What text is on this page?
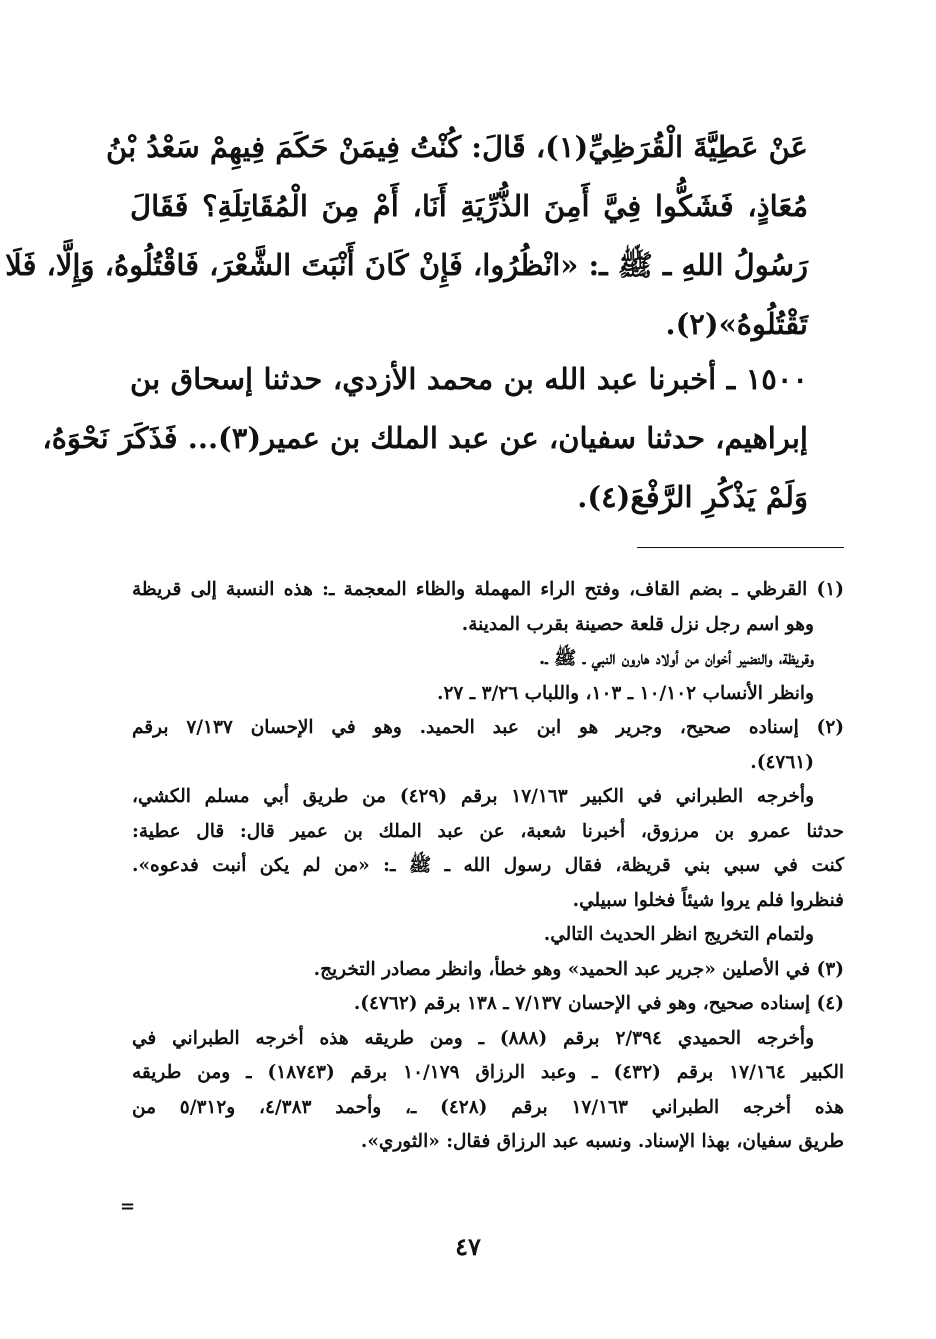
عَنْ عَطِيَّةَ الْقُرَظِيِّ(١)، قَالَ: كُنْتُ فِيمَنْ حَكَمَ فِيهِمْ سَعْدُ بْنُ
مُعَاذٍ، فَشَكُّوا فِيَّ أَمِنَ الذُّرِّيَةِ أَنَا، أَمْ مِنَ الْمُقَاتِلَةِ؟ فَقَالَ
رَسُولُ اللهِ ـ ﷺ ـ: «انْظُرُوا، فَإِنْ كَانَ أَنْبَتَ الشَّعْرَ، فَاقْتُلُوهُ، وَإِلَّا، فَلَا
تَقْتُلُوهُ»(٢).
١٥٠٠ ـ أخبرنا عبد الله بن محمد الأزدي، حدثنا إسحاق بن
إبراهيم، حدثنا سفيان، عن عبد الملك بن عمير(٣)... فَذَكَرَ نَحْوَهُ،
وَلَمْ يَذْكُرِ الرَّفْعَ(٤).
(١) القرظي ـ بضم القاف، وفتح الراء المهملة والظاء المعجمة ـ: هذه النسبة إلى قريظة
وهو اسم رجل نزل قلعة حصينة بقرب المدينة.
وقريظة، والنضير أخوان من أولاد هارون النبي ـ ﷺ ـ.
وانظر الأنساب ١٠/١٠٢ ـ ١٠٣، واللباب ٣/٢٦ ـ ٢٧.
(٢) إسناده صحيح، وجرير هو ابن عبد الحميد. وهو في الإحسان ٧/١٣٧ برقم
(٤٧٦١).
وأخرجه الطبراني في الكبير ١٧/١٦٣ برقم (٤٢٩) من طريق أبي مسلم الكشي،
حدثنا عمرو بن مرزوق، أخبرنا شعبة، عن عبد الملك بن عمير قال: قال عطية:
كنت في سبي بني قريظة، فقال رسول الله ـ ﷺ ـ: «من لم يكن أنبت فدعوه».
فنظروا فلم يروا شيئاً فخلوا سبيلي.
ولتمام التخريج انظر الحديث التالي.
(٣) في الأصلين «جرير عبد الحميد» وهو خطأ، وانظر مصادر التخريج.
(٤) إسناده صحيح، وهو في الإحسان ٧/١٣٧ ـ ١٣٨ برقم (٤٧٦٢).
وأخرجه الحميدي ٢/٣٩٤ برقم (٨٨٨) ـ ومن طريقه هذه أخرجه الطبراني في
الكبير ١٧/١٦٤ برقم (٤٣٢) ـ وعبد الرزاق ١٠/١٧٩ برقم (١٨٧٤٣) ـ ومن طريقه
هذه أخرجه الطبراني ١٧/١٦٣ برقم (٤٢٨) ـ، وأحمد ٤/٣٨٣، و٥/٣١٢ من
طريق سفيان، بهذا الإسناد. ونسبه عبد الرزاق فقال: «الثوري».
=
٤٧
